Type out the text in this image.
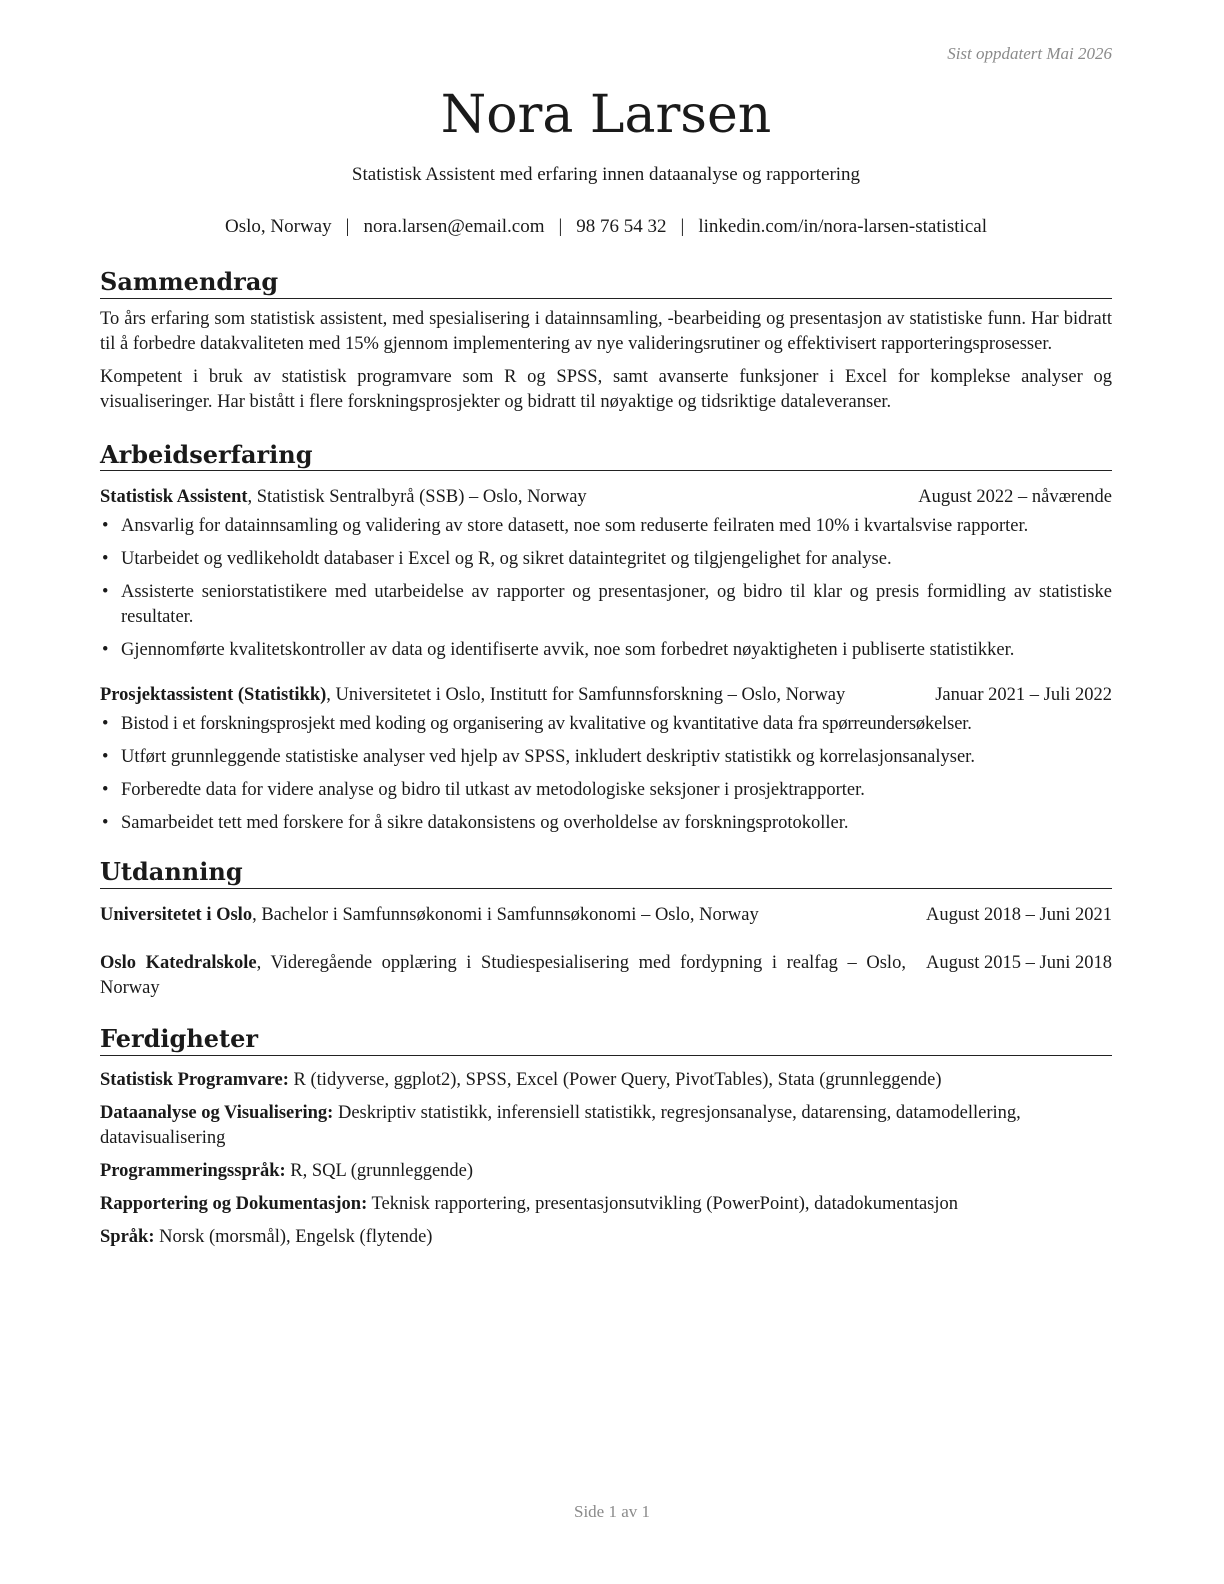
Sist oppdatert Mai 2026
Nora Larsen
Statistisk Assistent med erfaring innen dataanalyse og rapportering
Oslo, Norway | nora.larsen@email.com | 98 76 54 32 | linkedin.com/in/nora-larsen-statistical
Sammendrag

To års erfaring som statistisk assistent, med spesialisering i datainnsamling, -bearbeiding og presentasjon av statistiske funn. Har bidratt til å forbedre datakvaliteten med 15% gjennom implementering av nye valideringsrutiner og effektivisert rapporteringsprosesser.

Kompetent i bruk av statistisk programvare som R og SPSS, samt avanserte funksjoner i Excel for komplekse analyser og visualiseringer. Har bistått i flere forskningsprosjekter og bidratt til nøyaktige og tidsriktige dataleveranser.

Arbeidserfaring
Statistisk Assistent, Statistisk Sentralbyrå (SSB) – Oslo, Norway	August 2022 – nåværende
• Ansvarlig for datainnsamling og validering av store datasett, noe som reduserte feilraten med 10% i kvartalsvise rapporter.
• Utarbeidet og vedlikeholdt databaser i Excel og R, og sikret dataintegritet og tilgjengelighet for analyse.
• Assisterte seniorstatistikere med utarbeidelse av rapporter og presentasjoner, og bidro til klar og presis formidling av statistiske resultater.
• Gjennomførte kvalitetskontroller av data og identifiserte avvik, noe som forbedret nøyaktigheten i publiserte statistikker.
Prosjektassistent (Statistikk), Universitetet i Oslo, Institutt for Samfunnsforskning – Oslo, Norway	Januar 2021 – Juli 2022
• Bistod i et forskningsprosjekt med koding og organisering av kvalitative og kvantitative data fra spørreundersøkelser.
• Utført grunnleggende statistiske analyser ved hjelp av SPSS, inkludert deskriptiv statistikk og korrelasjonsanalyser.
• Forberedte data for videre analyse og bidro til utkast av metodologiske seksjoner i prosjektrapporter.
• Samarbeidet tett med forskere for å sikre datakonsistens og overholdelse av forskningsprotokoller.
Utdanning
Universitetet i Oslo, Bachelor i Samfunnsøkonomi i Samfunnsøkonomi – Oslo, Norway	August 2018 – Juni 2021
Oslo Katedralskole, Videregående opplæring i Studiespesialisering med fordypning i realfag – Oslo, Norway
August 2015 – Juni 2018
Ferdigheter
Statistisk Programvare: R (tidyverse, ggplot2), SPSS, Excel (Power Query, PivotTables), Stata (grunnleggende)
Dataanalyse og Visualisering: Deskriptiv statistikk, inferensiell statistikk, regresjonsanalyse, datarensing, datamodellering, datavisualisering
Programmeringsspråk: R, SQL (grunnleggende)
Rapportering og Dokumentasjon: Teknisk rapportering, presentasjonsutvikling (PowerPoint), datadokumentasjon
Språk: Norsk (morsmål), Engelsk (flytende)
Side 1 av 1
